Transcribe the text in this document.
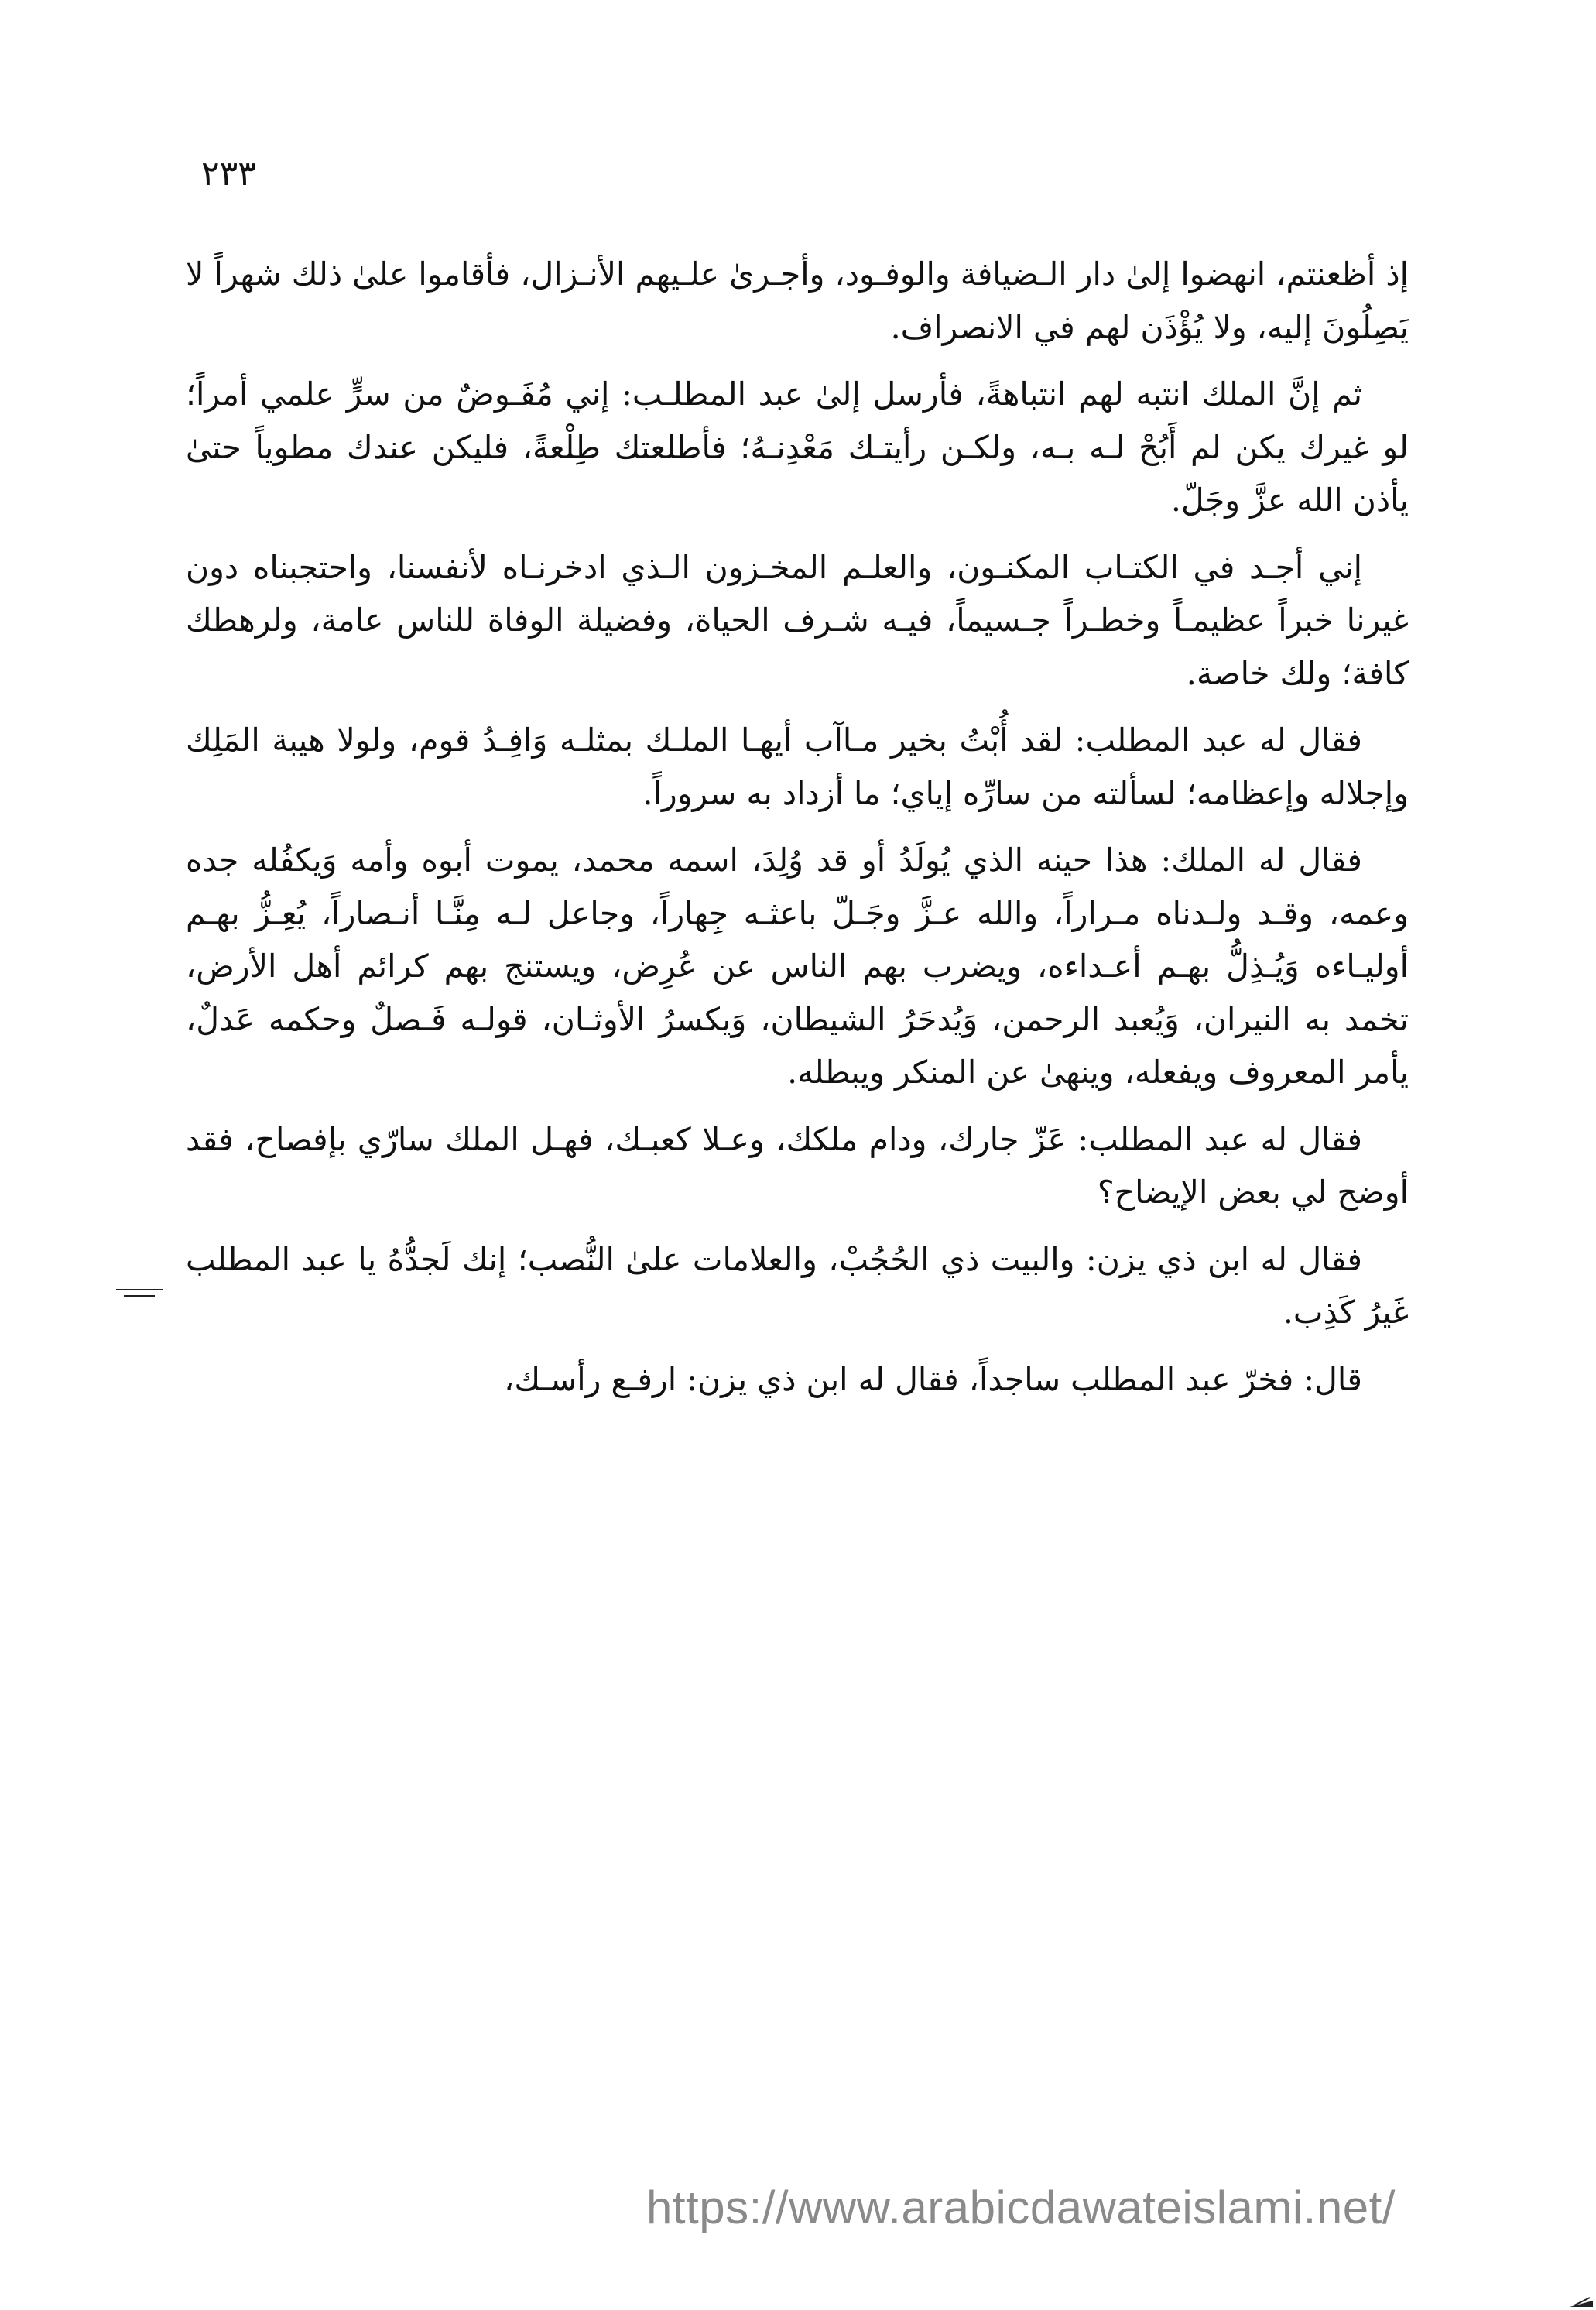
٢٣٣

إذ أظعنتم، انهضوا إلىٰ دار الـضيافة والوفـود، وأجـرىٰ علـيهم الأنـزال، فأقاموا علىٰ ذلك شهراً لا يَصِلُونَ إليه، ولا يُؤْذَن لهم في الانصراف.

ثم إنَّ الملك انتبه لهم انتباهةً، فأرسل إلىٰ عبد المطلـب: إني مُفَـوضٌ من سرٍّ علمي أمراً؛ لو غيرك يكن لم أَبُحْ لـه بـه، ولكـن رأيتـك مَعْدِنـهُ؛ فأطلعتك طِلْعةً، فليكن عندك مطوياً حتىٰ يأذن الله عزَّ وجَلّ.

إني أجـد في الكتـاب المكنـون، والعلـم المخـزون الـذي ادخرنـاه لأنفسنا، واحتجبناه دون غيرنا خبراً عظيمـاً وخطـراً جـسيماً، فيـه شـرف الحياة، وفضيلة الوفاة للناس عامة، ولرهطك كافة؛ ولك خاصة.

فقال له عبد المطلب: لقد أُبْتُ بخير مـاآب أيهـا الملـك بمثلـه وَافِـدُ قوم، ولولا هيبة المَلِك وإجلاله وإعظامه؛ لسألته من سارِّه إياي؛ ما أزداد به سروراً.

فقال له الملك: هذا حينه الذي يُولَدُ أو قد وُلِدَ، اسمه محمد، يموت أبوه وأمه وَيكفُله جده وعمه، وقـد ولـدناه مـراراً، والله عـزَّ وجَـلّ باعثـه جِهاراً، وجاعل لـه مِنَّـا أنـصاراً، يُعِـزُّ بهـم أوليـاءه وَيُـذِلُّ بهـم أعـداءه، ويضرب بهم الناس عن عُرِض، ويستنج بهم كرائم أهل الأرض، تخمد به النيران، وَيُعبد الرحمن، وَيُدحَرُ الشيطان، وَيكسرُ الأوثـان، قولـه فَـصلٌ وحكمه عَدلٌ، يأمر المعروف ويفعله، وينهىٰ عن المنكر ويبطله.

فقال له عبد المطلب: عَزّ جارك، ودام ملكك، وعـلا كعبـك، فهـل الملك سارّي بإفصاح، فقد أوضح لي بعض الإيضاح؟

فقال له ابن ذي يزن: والبيت ذي الحُجُبْ، والعلامات علىٰ النُّصب؛ إنك لَجدُّهُ يا عبد المطلب غَيرُ كَذِب.

قال: فخرّ عبد المطلب ساجداً، فقال له ابن ذي يزن: ارفـع رأسـك،

https://www.arabicdawateislami.net/
